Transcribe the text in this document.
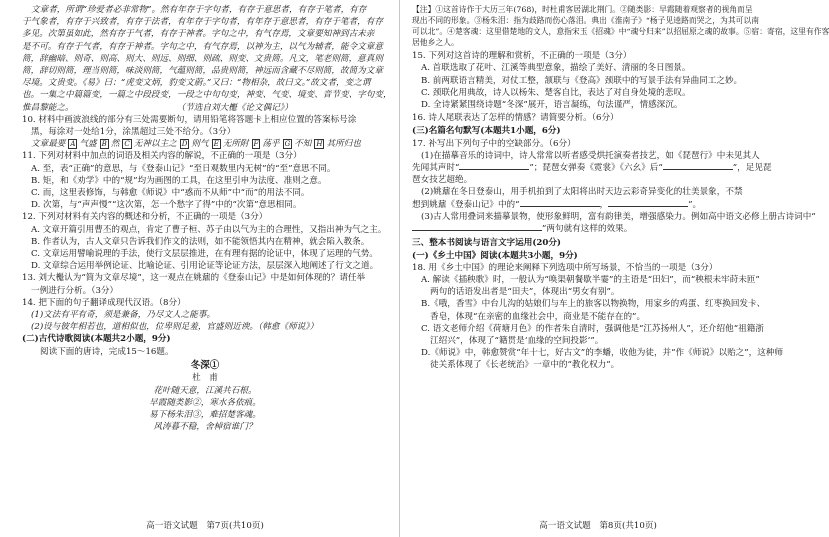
文章者，所谓“珍爱者必非常物”。然有年存于字句者，有存于意思者，有存于笔者，有存
于气象者，有存于兴致者，有存于法者，有年存于字句者，有年存于意思者，有存于笔者，有存
多见。次第虽如此，然有存于气者，有存于神者。字句之中，有气存焉，文章要知神到古未亲
是不可。有存于气者，有存于神者。字句之中，有气存焉，以神为主，以气为辅者，能令文章意
简，辞幽暗、则奇、则高、则大、则远、则细、则疏、则变、文贵简。凡文，笔老则简，意真则
简，辞切则简，理当则简，味淡则简，气蕴则简，品贵则简，神远而含藏不尽则简，故简为文章
尽境。文贵变。《易》曰：“虎变文炳，豹变文蔚。”又曰：“物相杂，故曰文。”故文者，变之谓
也。一集之中篇篇变，一篇之中段段变，一段之中句句变，神变、气变、境变、音节变、字句变，
惟昌黎能之。　　　　　　　　　　　　　（节选自刘大櫆《论文偶记》）
10. 材料中画波浪线的部分有三处需要断句，请用铅笔将答题卡上相应位置的答案标号涂
黑，每涂对一处给1分，涂黑超过三处不给分。（3分）
文章最要 A 气盛 B 然 C 无神以主之 D 则气 E 无所附 F 荡乎 G 不知 H 其所归也
11. 下列对材料中加点的词语及相关内容的解说，不正确的一项是（3分）
A. 至，表“正确”的意思，与《登泰山记》“至日观数里内无树”的“至”意思不同。
B. 矩，和《劝学》中的“规”均为画图的工具，在这里引申为法度、准则之意。
C. 而，这里表修饰，与韩愈《师说》中“惑而不从师”中“而”的用法不同。
D. 次第，与“声声慢”“这次第，怎一个愁字了得”中的“次第”意思相同。
12. 下列对材料有关内容的概述和分析，不正确的一项是（3分）
A. 文章开篇引用曹丕的观点，肯定了曹子桓、苏子由以气为主的合理性，又指出神为气之主。
B. 作者认为，古人文章只告诉我们作文的法则，如不能领悟其内在精神，就会陷入教条。
C. 文章运用譬喻说理的手法，使行文层层推进，在有理有据的论证中，体现了运理的气势。
D. 文章综合运用举例论证、比喻论证、引用论证等论证方法，层层深入地阐述了行文之道。
13. 刘大櫆认为“简为文章尽境”，这一观点在姚鼐的《登泰山记》中是如何体现的？请任举
一例进行分析。（3分）
14. 把下面的句子翻译成现代汉语。（8分）
(1)文法有平有奇，须是兼备，乃尽文人之能事。
(2)设与彼年相若也，道相似也，位卑则足羞，官盛则近谀。（韩愈《师说》）
(二)古代诗歌阅读(本题共2小题，9分)
阅读下面的唐诗，完成15～16题。
冬深①
杜　甫
花叶随天意，江溪共石根。
早霞随类影②，寒水各依痕。
易下杨朱泪③，难招楚客魂。
风涛暮不稳，舍棹宿谁门？
高一语文试题　第7页(共10页)
【注】①这首诗作于大历三年(768)，时杜甫客居湖北荆门。②随类影：早霞随着观察者的视角而呈
现出不同的形象。③杨朱泪：指为歧路而伤心落泪。典出《淮南子》“杨子见逵路而哭之，为其可以南
可以北”。④楚客魂：这里借楚地的文人，意指宋玉《招魂》中“魂兮归来”以招屈原之魂的故事。⑤宿：寄宿，这里有作客
居他乡之人。
15. 下列对这首诗的理解和赏析，不正确的一项是（3分）
A. 首联选取了花叶、江溪等典型意象，描绘了美好、清丽的冬日图景。
B. 前两联语言精美，对仗工整，颔联与《登高》颈联中的写景手法有异曲同工之妙。
C. 颈联化用典故，诗人以杨朱、楚客自比，表达了对自身处境的悲叹。
D. 全诗紧紧围绕诗题“冬深”展开，语言凝练，句法谨严，情感深沉。
16. 诗人尾联表达了怎样的情感？请简要分析。（6分）
(三)名篇名句默写(本题共1小题，6分)
17. 补写出下列句子中的空缺部分。（6分）
(1)在描摹音乐的诗词中，诗人常常以听者感受烘托演奏者技艺，如《琵琶行》中未见其人
先闻其声时“	”；琵琶女弹奏《霓裳》《六幺》后“	”，足见琵
琶女技艺超绝。
(2)姚鼐在冬日登泰山，用手机拍到了太阳将出时天边云彩奇异变化的壮美景象，不禁
想到姚鼐《登泰山记》中的“	，	”。
(3)古人常用叠词来描摹景物，使形象鲜明，富有韵律美，增强感染力。例如高中语文必修上册古诗词中“
”两句就有这样的效果。
三、整本书阅读与语言文字运用(20分)
(一)《乡土中国》阅读(本题共3小题，9分)
18. 用《乡土中国》的理论来阐释下列选项中所写场景，不恰当的一项是（3分）
A. 解读《插秧歌》时，一般认为“唤渠朝餐歇半霎”的主语是“田妇”，而“秧根未牢莳未匝”
两句的话语发出者是“田夫”，体现出“男女有别”。
B.《哦，香雪》中台儿沟的姑娘们与车上的旅客以物换物，用家乡的鸡蛋、红枣换回发卡、
香皂，体现“在亲密的血缘社会中，商业是不能存在的”。
C. 语文老师介绍《荷塘月色》的作者朱自清时，强调他是“江苏扬州人”，还介绍他“祖籍浙
江绍兴”，体现了“籍贯是‘血缘的空间投影’”。
D.《师说》中，韩愈赞赏“年十七，好古文”的李蟠，收他为徒，并“作《师说》以贻之”，这种师
徒关系体现了《长老统治》一章中的“教化权力”。
高一语文试题　第8页(共10页)
